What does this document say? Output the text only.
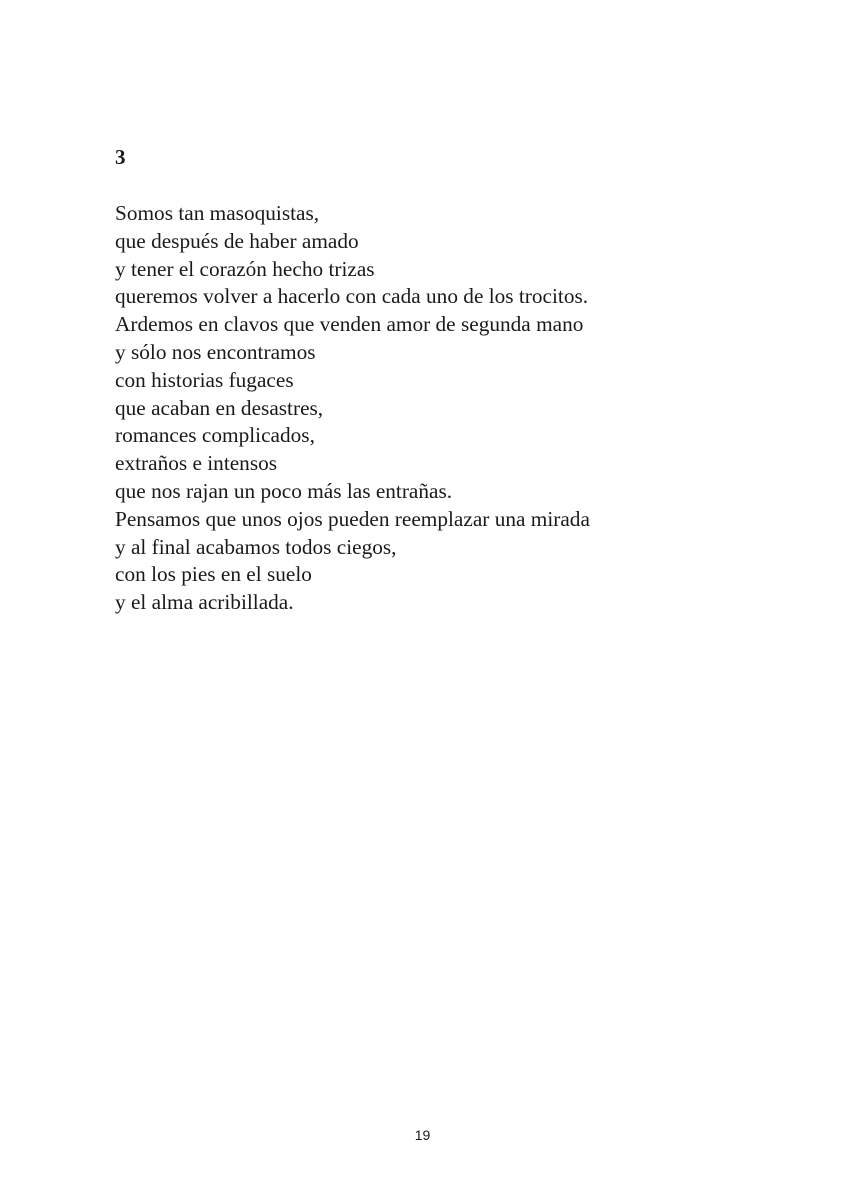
3
Somos tan masoquistas,
que después de haber amado
y tener el corazón hecho trizas
queremos volver a hacerlo con cada uno de los trocitos.
Ardemos en clavos que venden amor de segunda mano
y sólo nos encontramos
con historias fugaces
que acaban en desastres,
romances complicados,
extraños e intensos
que nos rajan un poco más las entrañas.
Pensamos que unos ojos pueden reemplazar una mirada
y al final acabamos todos ciegos,
con los pies en el suelo
y el alma acribillada.
19
